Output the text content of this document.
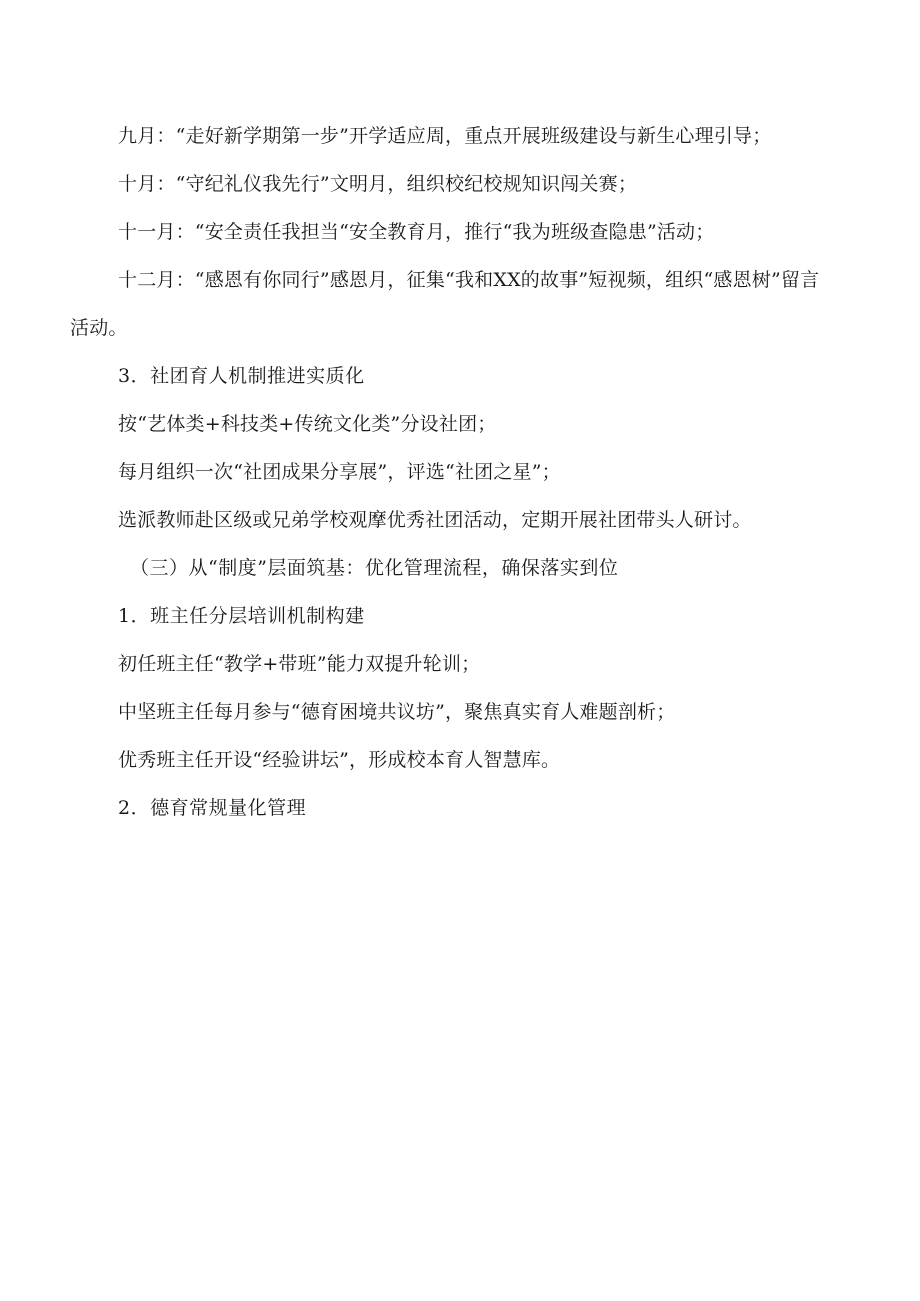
九月：“走好新学期第一步”开学适应周，重点开展班级建设与新生心理引导；
十月：“守纪礼仪我先行”文明月，组织校纪校规知识闯关赛；
十一月：“安全责任我担当“安全教育月，推行“我为班级查隐患”活动；
十二月：“感恩有你同行”感恩月，征集“我和XX的故事”短视频，组织“感恩树”留言活动。
3．社团育人机制推进实质化
按“艺体类+科技类+传统文化类”分设社团；
每月组织一次“社团成果分享展”，评选“社团之星”；
选派教师赴区级或兄弟学校观摩优秀社团活动，定期开展社团带头人研讨。
（三）从“制度”层面筑基：优化管理流程，确保落实到位
1．班主任分层培训机制构建
初任班主任“教学+带班”能力双提升轮训；
中坚班主任每月参与“德育困境共议坊”，聚焦真实育人难题剖析；
优秀班主任开设“经验讲坛”，形成校本育人智慧库。
2．德育常规量化管理
